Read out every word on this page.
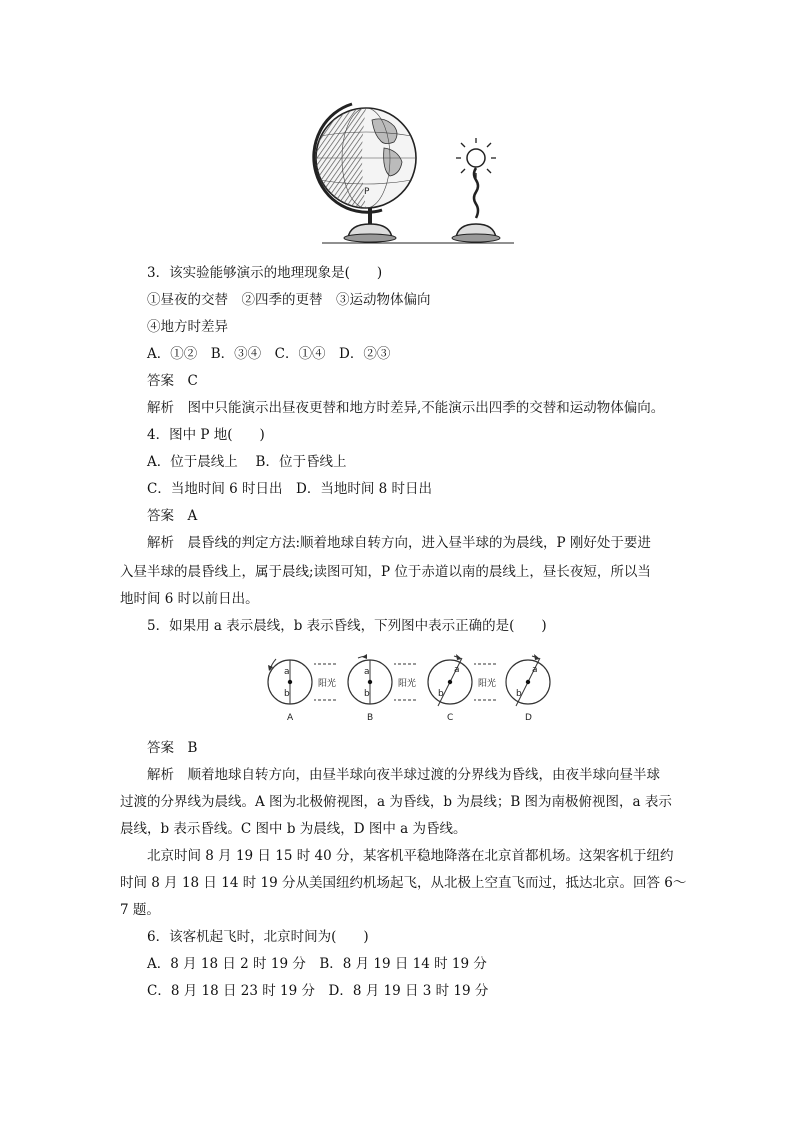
P
3．该实验能够演示的地理现象是(　　)
①昼夜的交替　②四季的更替　③运动物体偏向
④地方时差异
A．①②　B．③④　C．①④　D．②③
答案　C
解析　图中只能演示出昼夜更替和地方时差异,不能演示出四季的交替和运动物体偏向。
4．图中 P 地(　　)
A．位于晨线上　 B．位于昏线上
C．当地时间 6 时日出　D．当地时间 8 时日出
答案　A
解析　晨昏线的判定方法:顺着地球自转方向，进入昼半球的为晨线，P 刚好处于要进
入昼半球的晨昏线上，属于晨线;读图可知，P 位于赤道以南的晨线上，昼长夜短，所以当
地时间 6 时以前日出。
5．如果用 a 表示晨线，b 表示昏线，下列图中表示正确的是(　　)
a
b
阳光
A
a
b
阳光
B
a
b
阳光
C
a
b
D
答案　B
解析　顺着地球自转方向，由昼半球向夜半球过渡的分界线为昏线，由夜半球向昼半球
过渡的分界线为晨线。A 图为北极俯视图，a 为昏线，b 为晨线；B 图为南极俯视图，a 表示
晨线，b 表示昏线。C 图中 b 为晨线，D 图中 a 为昏线。
北京时间 8 月 19 日 15 时 40 分，某客机平稳地降落在北京首都机场。这架客机于纽约
时间 8 月 18 日 14 时 19 分从美国纽约机场起飞，从北极上空直飞而过，抵达北京。回答 6～
7 题。
6．该客机起飞时，北京时间为(　　)
A．8 月 18 日 2 时 19 分　B．8 月 19 日 14 时 19 分
C．8 月 18 日 23 时 19 分　D．8 月 19 日 3 时 19 分
